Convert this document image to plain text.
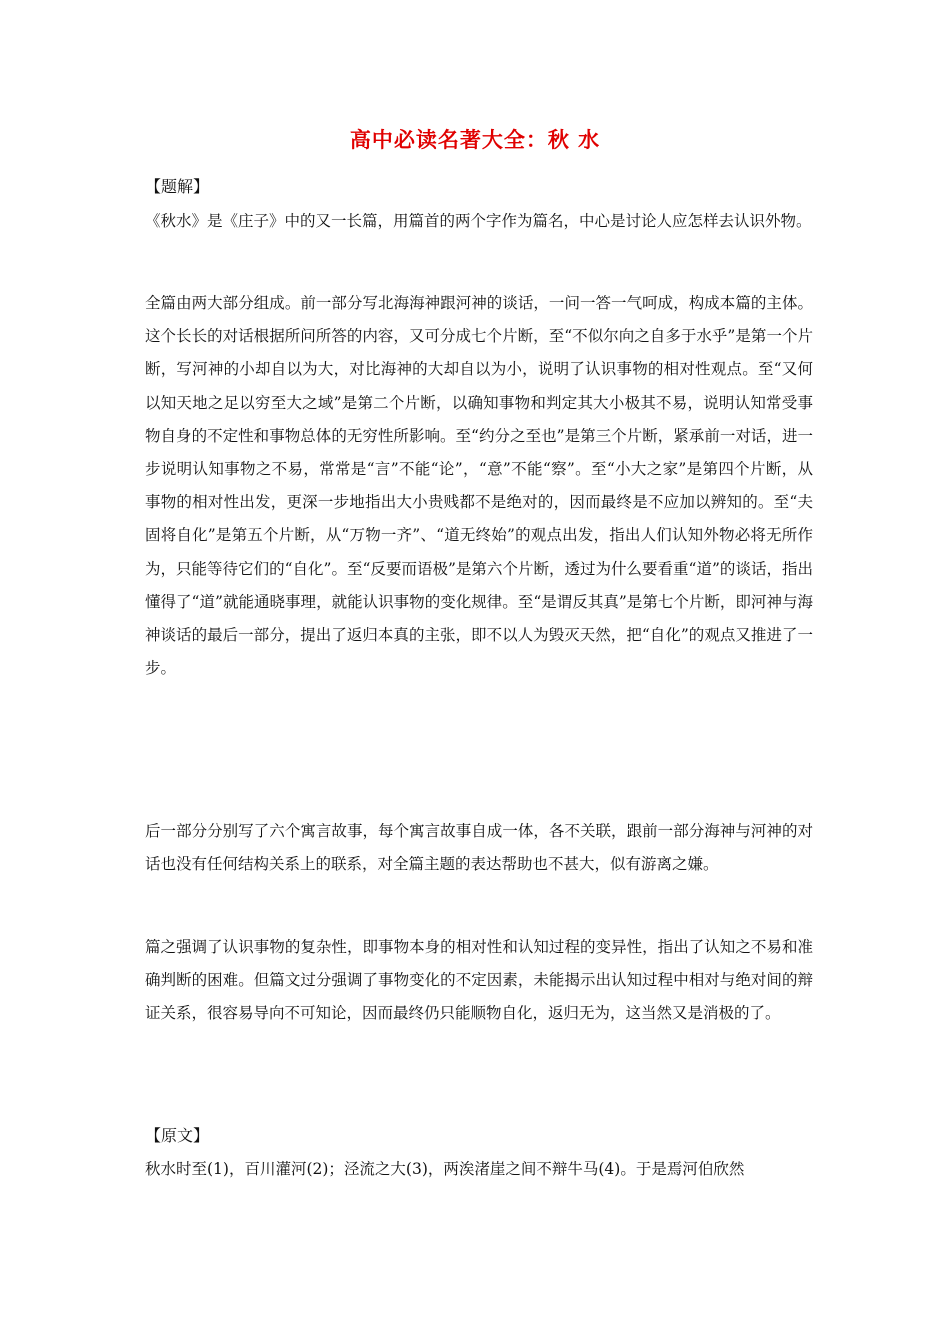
高中必读名著大全：秋 水
【题解】
《秋水》是《庄子》中的又一长篇，用篇首的两个字作为篇名，中心是讨论人应怎样去认识外物。
全篇由两大部分组成。前一部分写北海海神跟河神的谈话，一问一答一气呵成，构成本篇的主体。这个长长的对话根据所问所答的内容，又可分成七个片断，至“不似尔向之自多于水乎”是第一个片断，写河神的小却自以为大，对比海神的大却自以为小，说明了认识事物的相对性观点。至“又何以知天地之足以穷至大之域”是第二个片断，以确知事物和判定其大小极其不易，说明认知常受事物自身的不定性和事物总体的无穷性所影响。至“约分之至也”是第三个片断，紧承前一对话，进一步说明认知事物之不易，常常是“言”不能“论”，“意”不能“察”。至“小大之家”是第四个片断，从事物的相对性出发，更深一步地指出大小贵贱都不是绝对的，因而最终是不应加以辨知的。至“夫固将自化”是第五个片断，从“万物一齐”、“道无终始”的观点出发，指出人们认知外物必将无所作为，只能等待它们的“自化”。至“反要而语极”是第六个片断，透过为什么要看重“道”的谈话，指出懂得了“道”就能通晓事理，就能认识事物的变化规律。至“是谓反其真”是第七个片断，即河神与海神谈话的最后一部分，提出了返归本真的主张，即不以人为毁灭天然，把“自化”的观点又推进了一步。
后一部分分别写了六个寓言故事，每个寓言故事自成一体，各不关联，跟前一部分海神与河神的对话也没有任何结构关系上的联系，对全篇主题的表达帮助也不甚大，似有游离之嫌。
篇之强调了认识事物的复杂性，即事物本身的相对性和认知过程的变异性，指出了认知之不易和准确判断的困难。但篇文过分强调了事物变化的不定因素，未能揭示出认知过程中相对与绝对间的辩证关系，很容易导向不可知论，因而最终仍只能顺物自化，返归无为，这当然又是消极的了。
【原文】
秋水时至(1)，百川灌河(2)；泾流之大(3)，两涘渚崖之间不辩牛马(4)。于是焉河伯欣然
